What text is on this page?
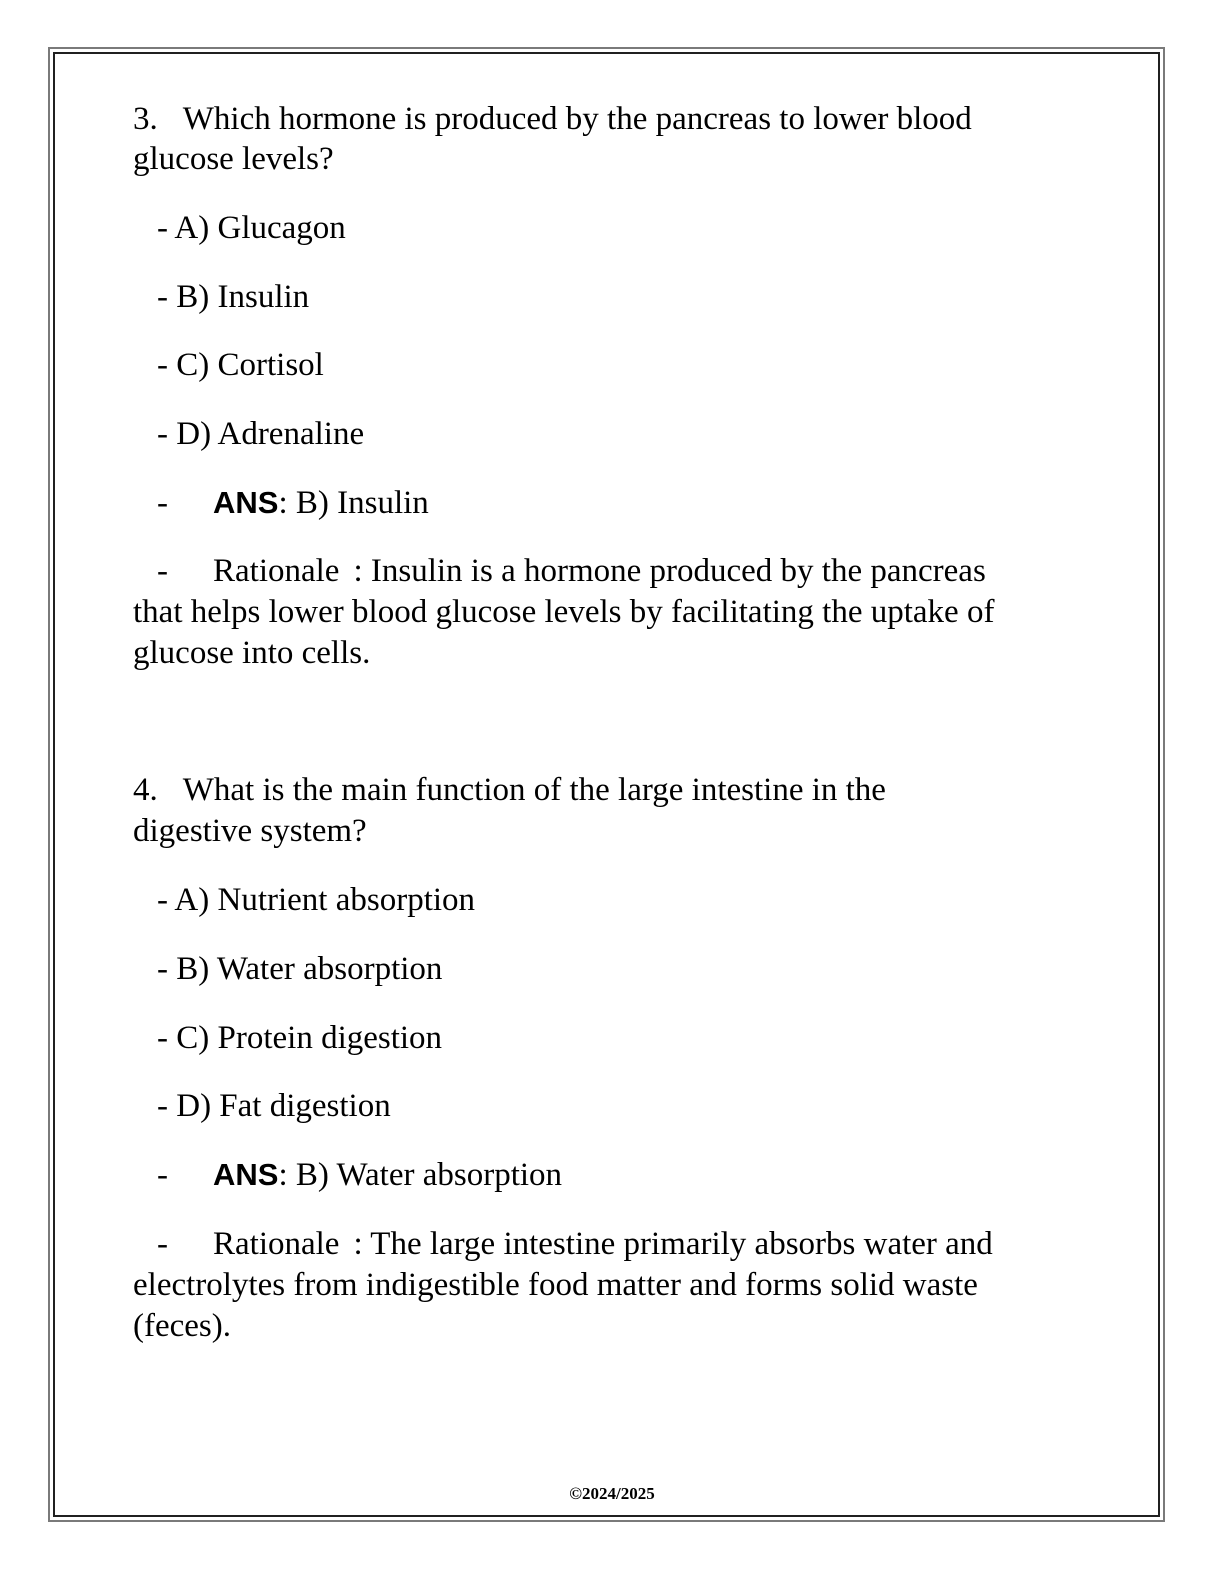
3. Which hormone is produced by the pancreas to lower blood
glucose levels?
- A) Glucagon
- B) Insulin
- C) Cortisol
- D) Adrenaline
- ANS: B) Insulin
- Rationale : Insulin is a hormone produced by the pancreas
that helps lower blood glucose levels by facilitating the uptake of
glucose into cells.
4. What is the main function of the large intestine in the
digestive system?
- A) Nutrient absorption
- B) Water absorption
- C) Protein digestion
- D) Fat digestion
- ANS: B) Water absorption
- Rationale : The large intestine primarily absorbs water and
electrolytes from indigestible food matter and forms solid waste
(feces).
©2024/2025
